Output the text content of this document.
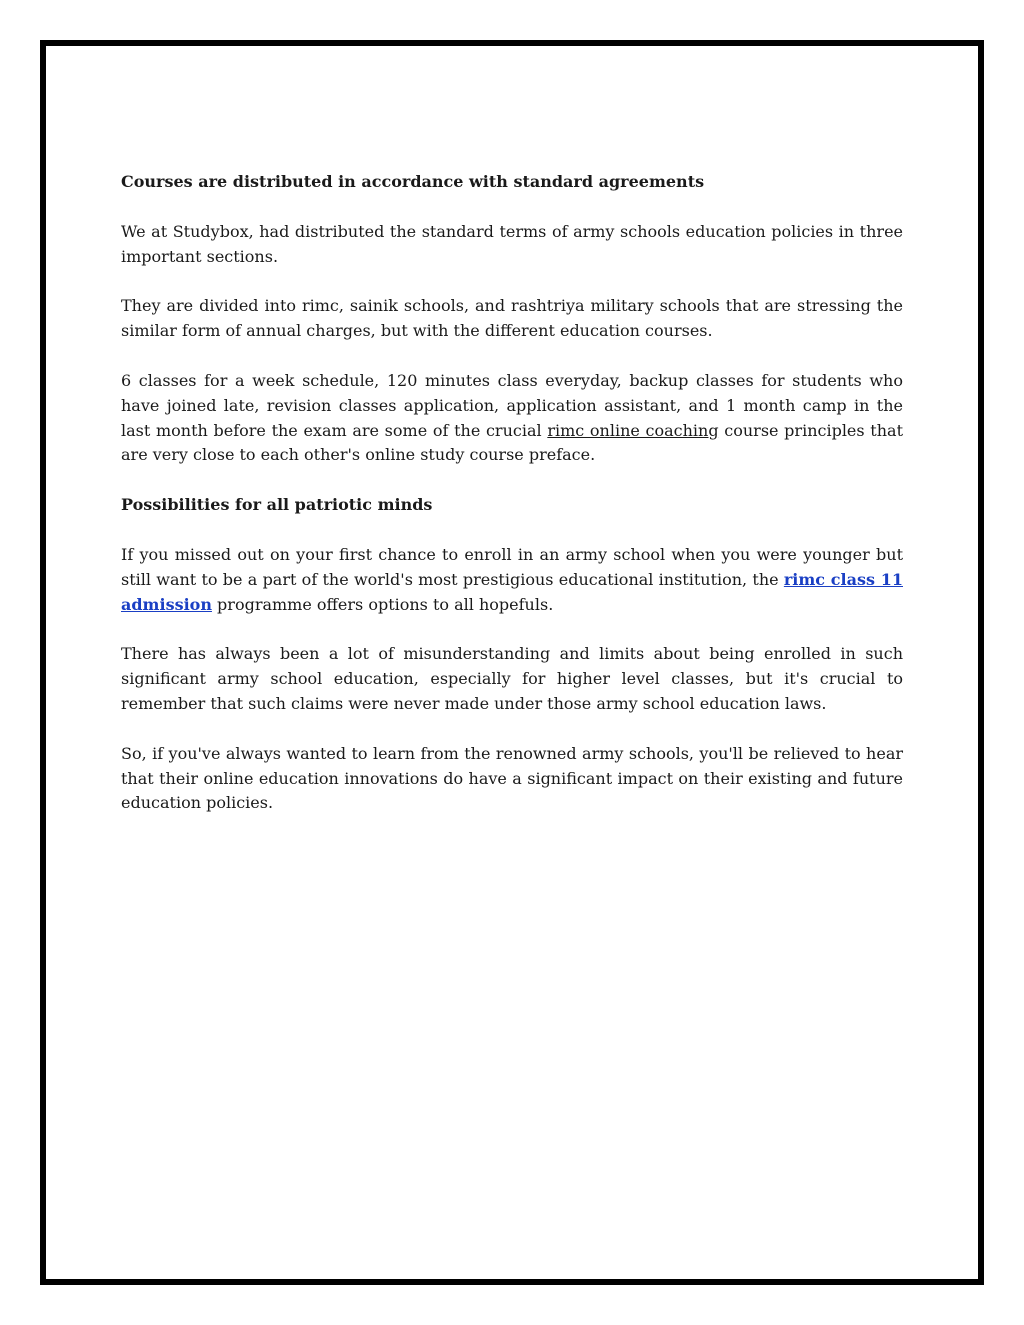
Courses are distributed in accordance with standard agreements
We at Studybox, had distributed the standard terms of army schools education policies in three important sections.
They are divided into rimc, sainik schools, and rashtriya military schools that are stressing the similar form of annual charges, but with the different education courses.
6 classes for a week schedule, 120 minutes class everyday, backup classes for students who have joined late, revision classes application, application assistant, and 1 month camp in the last month before the exam are some of the crucial rimc online coaching course principles that are very close to each other's online study course preface.
Possibilities for all patriotic minds
If you missed out on your first chance to enroll in an army school when you were younger but still want to be a part of the world's most prestigious educational institution, the rimc class 11 admission programme offers options to all hopefuls.
There has always been a lot of misunderstanding and limits about being enrolled in such significant army school education, especially for higher level classes, but it's crucial to remember that such claims were never made under those army school education laws.
So, if you've always wanted to learn from the renowned army schools, you'll be relieved to hear that their online education innovations do have a significant impact on their existing and future education policies.
